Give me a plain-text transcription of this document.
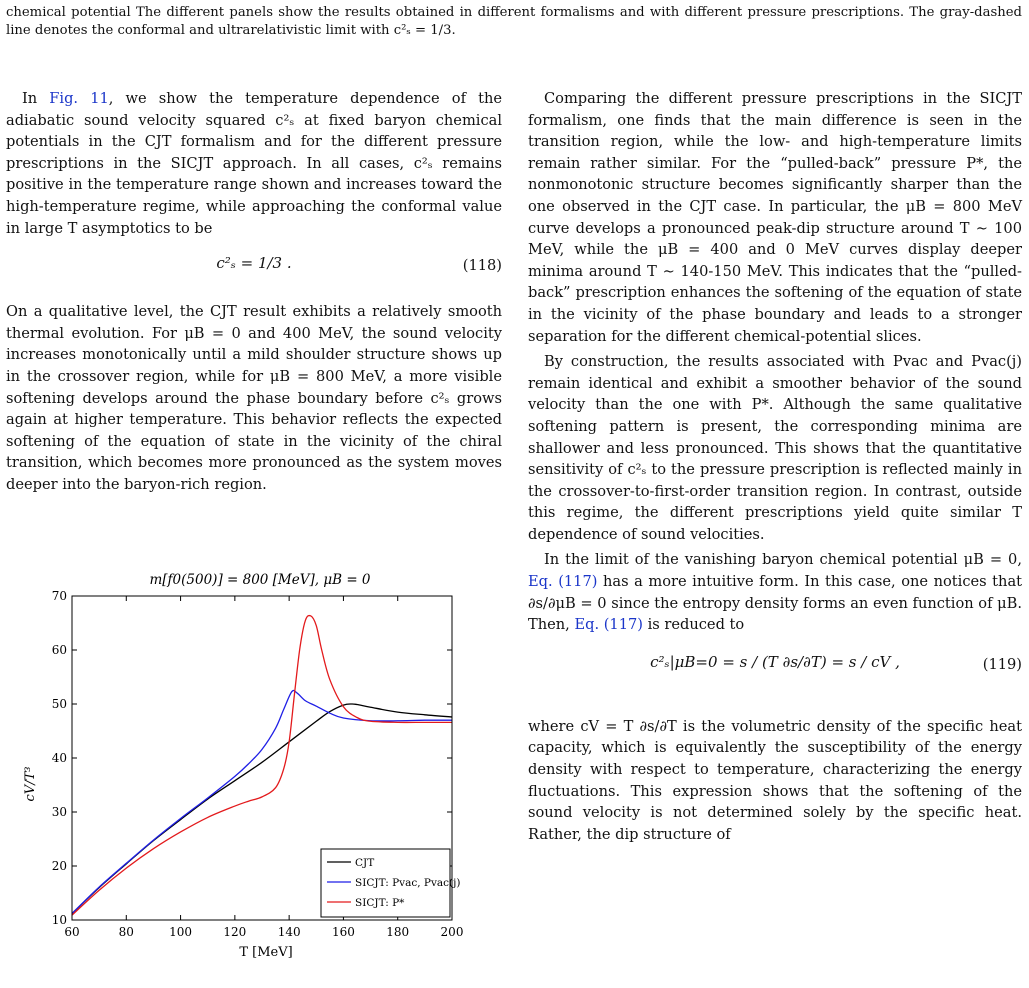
chemical potential The different panels show the results obtained in different formalisms and with different pressure prescriptions. The gray-dashed line denotes the conformal and ultrarelativistic limit with c²ₛ = 1/3.

In Fig. 11, we show the temperature dependence of the adiabatic sound velocity squared c²ₛ at fixed baryon chemical potentials in the CJT formalism and for the different pressure prescriptions in the SICJT approach. In all cases, c²ₛ remains positive in the temperature range shown and increases toward the high-temperature regime, while approaching the conformal value in large T asymptotics to be

c²ₛ = 1/3 .	(118)

On a qualitative level, the CJT result exhibits a relatively smooth thermal evolution. For μB = 0 and 400 MeV, the sound velocity increases monotonically until a mild shoulder structure shows up in the crossover region, while for μB = 800 MeV, a more visible softening develops around the phase boundary before c²ₛ grows again at higher temperature. This behavior reflects the expected softening of the equation of state in the vicinity of the chiral transition, which becomes more pronounced as the system moves deeper into the baryon-rich region.

m[f0(500)] = 800 [MeV], μB = 0
cV/T³
T [MeV]
60	80	100	120	140	160	180	200
10
20
30
40
50
60
70
CJT
SICJT: Pvac, Pvac(j)
SICJT: P*

Comparing the different pressure prescriptions in the SICJT formalism, one finds that the main difference is seen in the transition region, while the low- and high-temperature limits remain rather similar. For the “pulled-back” pressure P*, the nonmonotonic structure becomes significantly sharper than the one observed in the CJT case. In particular, the μB = 800 MeV curve develops a pronounced peak-dip structure around T ∼ 100 MeV, while the μB = 400 and 0 MeV curves display deeper minima around T ∼ 140-150 MeV. This indicates that the “pulled-back” prescription enhances the softening of the equation of state in the vicinity of the phase boundary and leads to a stronger separation for the different chemical-potential slices.

By construction, the results associated with Pvac and Pvac(j) remain identical and exhibit a smoother behavior of the sound velocity than the one with P*. Although the same qualitative softening pattern is present, the corresponding minima are shallower and less pronounced. This shows that the quantitative sensitivity of c²ₛ to the pressure prescription is reflected mainly in the crossover-to-first-order transition region. In contrast, outside this regime, the different prescriptions yield quite similar T dependence of sound velocities.

In the limit of the vanishing baryon chemical potential μB = 0, Eq. (117) has a more intuitive form. In this case, one notices that ∂s/∂μB = 0 since the entropy density forms an even function of μB. Then, Eq. (117) is reduced to

c²ₛ|μB=0 = s / (T ∂s/∂T) = s / cV ,	(119)

where cV = T ∂s/∂T is the volumetric density of the specific heat capacity, which is equivalently the susceptibility of the energy density with respect to temperature, characterizing the energy fluctuations. This expression shows that the softening of the sound velocity is not determined solely by the specific heat. Rather, the dip structure of
